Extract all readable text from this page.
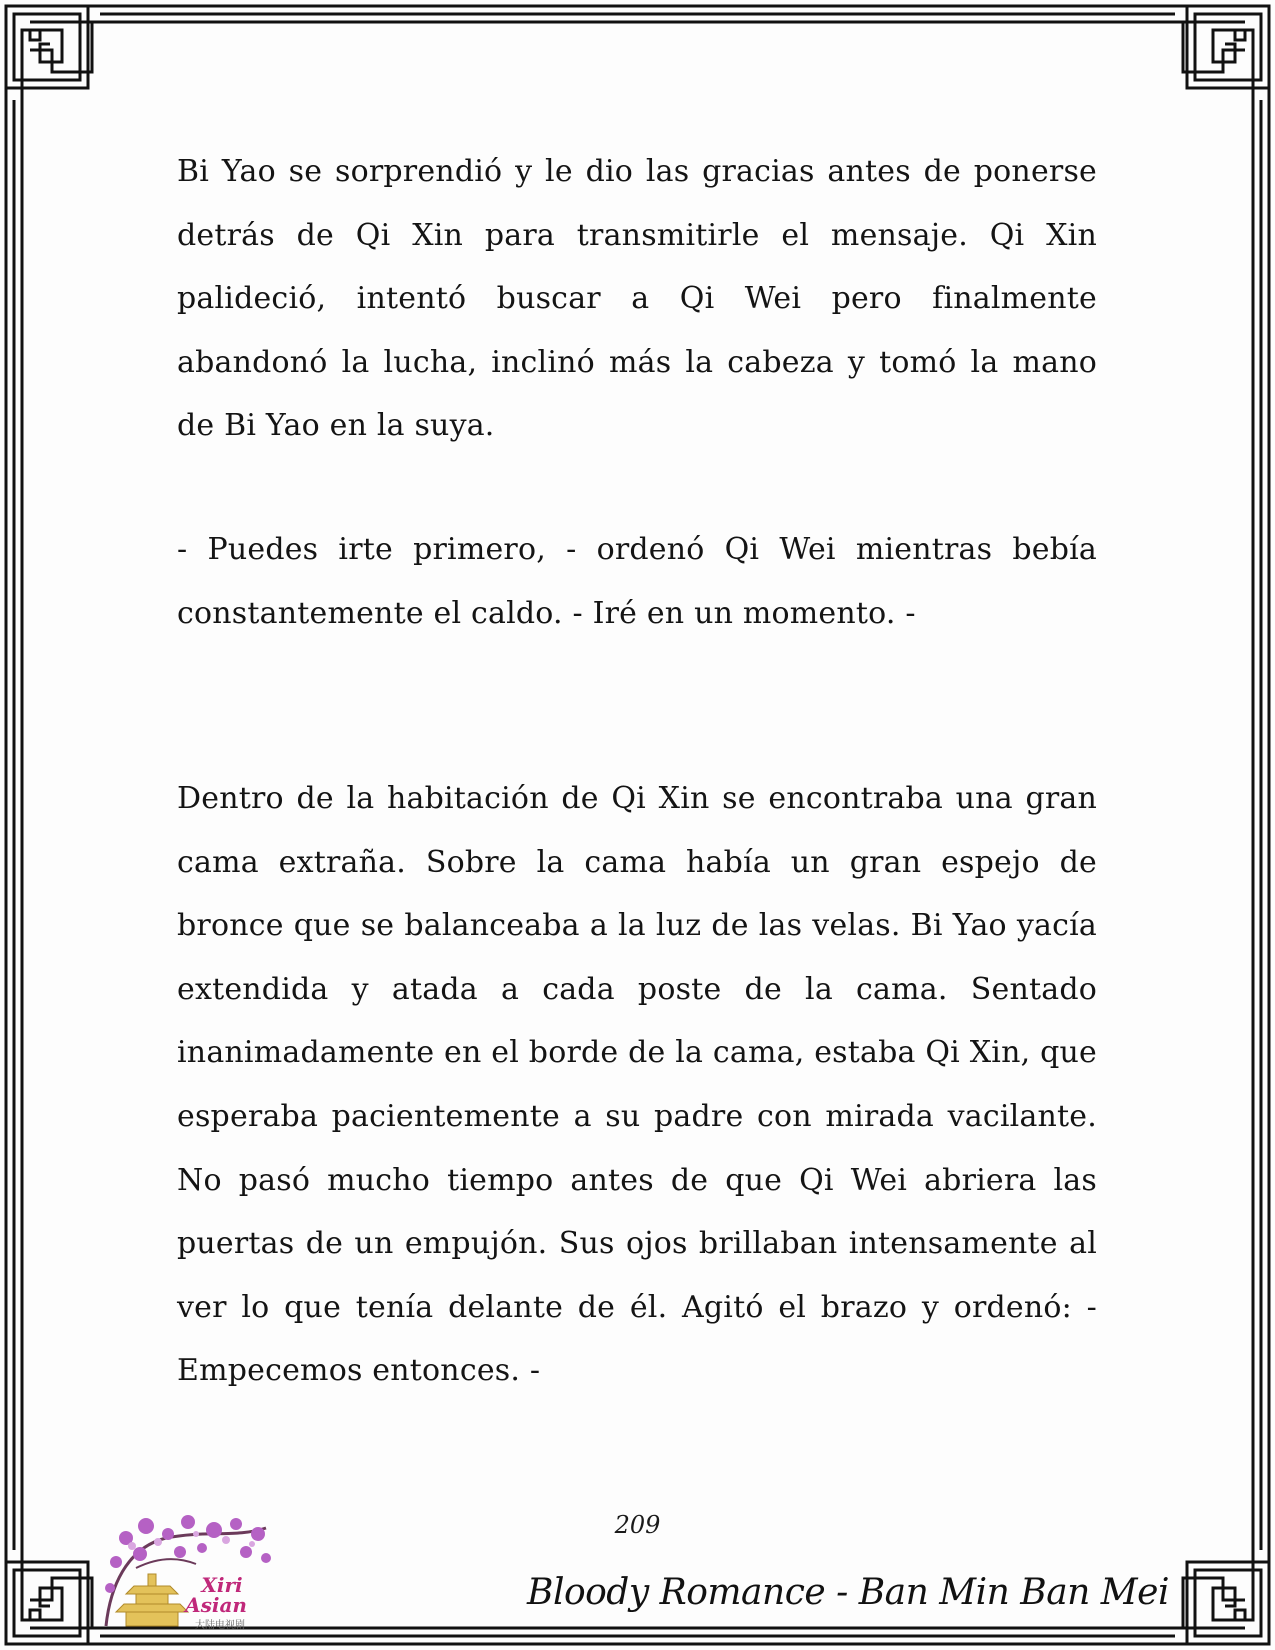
Bi Yao se sorprendió y le dio las gracias antes de ponerse detrás de Qi Xin para transmitirle el mensaje. Qi Xin palideció, intentó buscar a Qi Wei pero finalmente abandonó la lucha, inclinó más la cabeza y tomó la mano de Bi Yao en la suya.

- Puedes irte primero, - ordenó Qi Wei mientras bebía constantemente el caldo. - Iré en un momento. -

Dentro de la habitación de Qi Xin se encontraba una gran cama extraña. Sobre la cama había un gran espejo de bronce que se balanceaba a la luz de las velas. Bi Yao yacía extendida y atada a cada poste de la cama. Sentado inanimadamente en el borde de la cama, estaba Qi Xin, que esperaba pacientemente a su padre con mirada vacilante. No pasó mucho tiempo antes de que Qi Wei abriera las puertas de un empujón. Sus ojos brillaban intensamente al ver lo que tenía delante de él. Agitó el brazo y ordenó: - Empecemos entonces. -

209
Xiri
Asian
大陆电视剧
Bloody Romance - Ban Min Ban Mei
